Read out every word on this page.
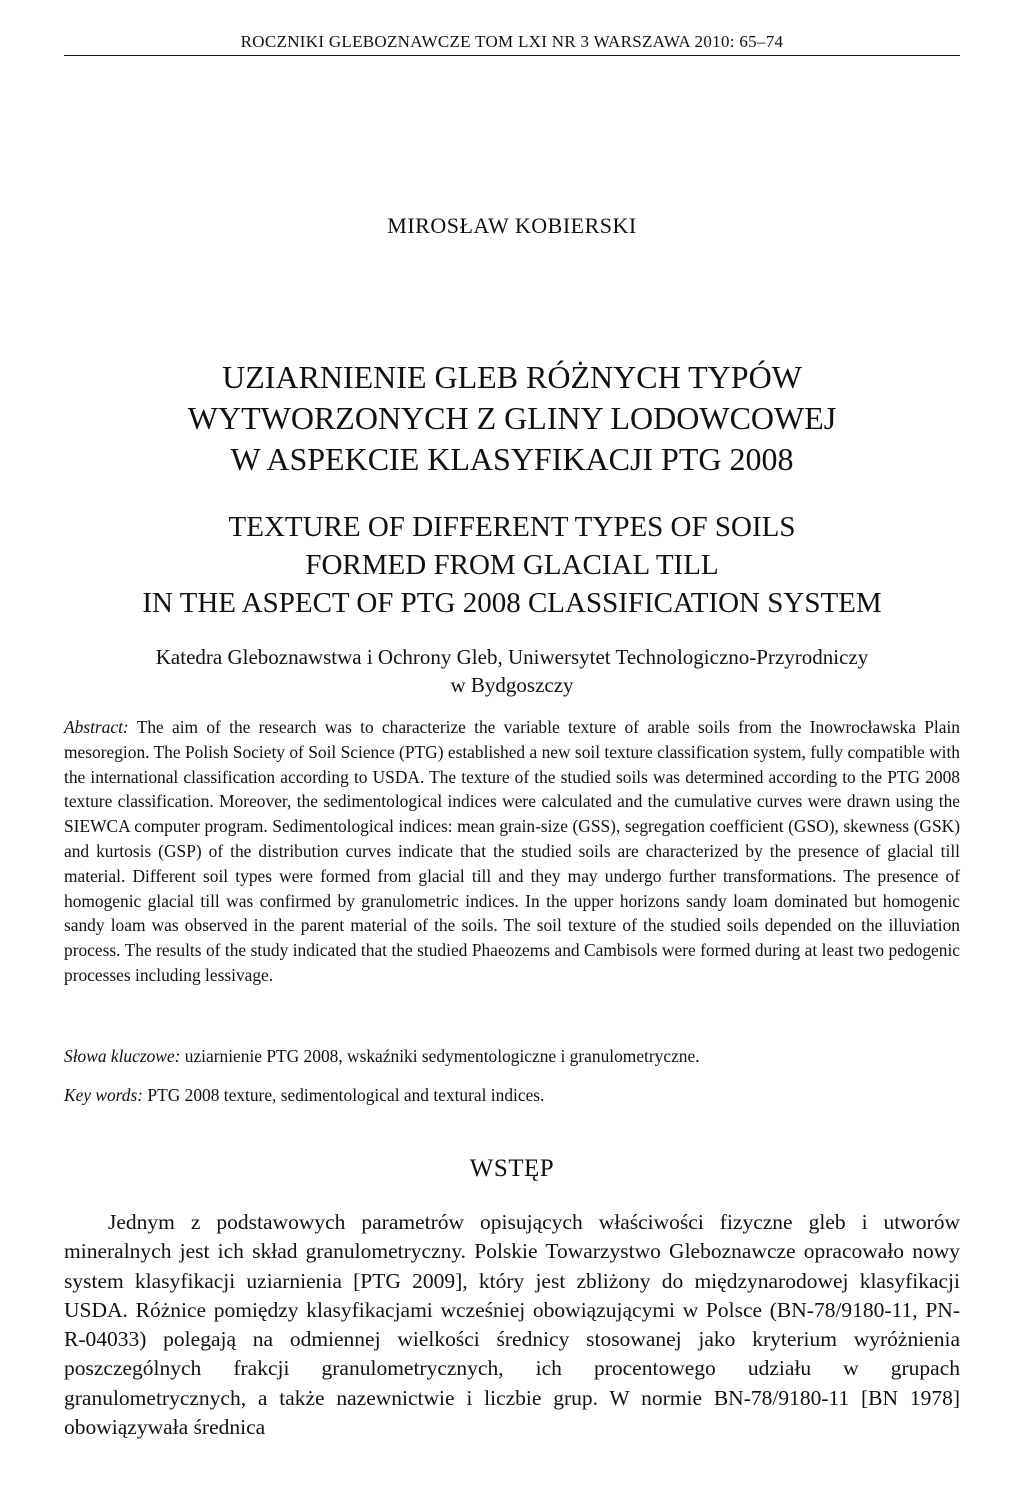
ROCZNIKI GLEBOZNAWCZE TOM LXI NR 3 WARSZAWA 2010: 65–74
MIROSŁAW KOBIERSKI
UZIARNIENIE GLEB RÓŻNYCH TYPÓW
WYTWORZONYCH Z GLINY LODOWCOWEJ
W ASPEKCIE KLASYFIKACJI PTG 2008
TEXTURE OF DIFFERENT TYPES OF SOILS
FORMED FROM GLACIAL TILL
IN THE ASPECT OF PTG 2008 CLASSIFICATION SYSTEM
Katedra Gleboznawstwa i Ochrony Gleb, Uniwersytet Technologiczno-Przyrodniczy
w Bydgoszczy

Abstract: The aim of the research was to characterize the variable texture of arable soils from the Inowrocławska Plain mesoregion. The Polish Society of Soil Science (PTG) established a new soil texture classification system, fully compatible with the international classification according to USDA. The texture of the studied soils was determined according to the PTG 2008 texture classification. Moreover, the sedimentological indices were calculated and the cumulative curves were drawn using the SIEWCA computer program. Sedimentological indices: mean grain-size (GSS), segregation coefficient (GSO), skewness (GSK) and kurtosis (GSP) of the distribution curves indicate that the studied soils are characterized by the presence of glacial till material. Different soil types were formed from glacial till and they may undergo further transformations. The presence of homogenic glacial till was confirmed by granulometric indices. In the upper horizons sandy loam dominated but homogenic sandy loam was observed in the parent material of the soils. The soil texture of the studied soils depended on the illuviation process. The results of the study indicated that the studied Phaeozems and Cambisols were formed during at least two pedogenic processes including lessivage.

Słowa kluczowe: uziarnienie PTG 2008, wskaźniki sedymentologiczne i granulometryczne.
Key words: PTG 2008 texture, sedimentological and textural indices.
WSTĘP

Jednym z podstawowych parametrów opisujących właściwości fizyczne gleb i utworów mineralnych jest ich skład granulometryczny. Polskie Towarzystwo Gleboznawcze opracowało nowy system klasyfikacji uziarnienia [PTG 2009], który jest zbliżony do międzynarodowej klasyfikacji USDA. Różnice pomiędzy klasyfikacjami wcześniej obowiązującymi w Polsce (BN-78/9180-11, PN-R-04033) polegają na odmiennej wielkości średnicy stosowanej jako kryterium wyróżnienia poszczególnych frakcji granulometrycznych, ich procentowego udziału w grupach granulometrycznych, a także nazewnictwie i liczbie grup. W normie BN-78/9180-11 [BN 1978] obowiązywała średnica
